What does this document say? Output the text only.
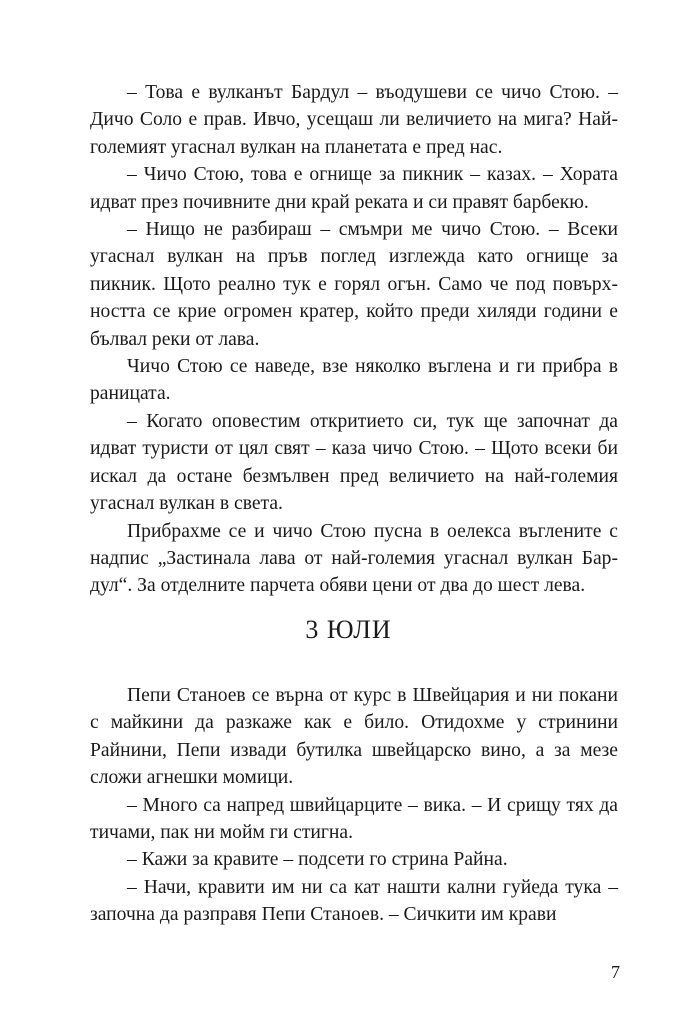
– Това е вулканът Бардул – въодушеви се чичо Стою. – Дичо Соло е прав. Ивчо, усещаш ли величието на мига? Най-големият угаснал вулкан на планетата е пред нас.

– Чичо Стою, това е огнище за пикник – казах. – Хората идват през почивните дни край реката и си правят барбекю.

– Нищо не разбираш – смъмри ме чичо Стою. – Всеки угаснал вулкан на пръв поглед изглежда като огнище за пикник. Щото реално тук е горял огън. Само че под повърхността се крие огромен кратер, който преди хиляди години е бълвал реки от лава.

Чичо Стою се наведе, взе няколко въглена и ги прибра в раницата.

– Когато оповестим откритието си, тук ще започнат да идват туристи от цял свят – каза чичо Стою. – Щото всеки би искал да остане безмълвен пред величието на най-големия угаснал вулкан в света.

Прибрахме се и чичо Стою пусна в оелекса въглените с надпис „Застинала лава от най-големия угаснал вулкан Бардул“. За отделните парчета обяви цени от два до шест лева.

3 ЮЛИ

Пепи Станоев се върна от курс в Швейцария и ни покани с майкини да разкаже как е било. Отидохме у стринини Райнини, Пепи извади бутилка швейцарско вино, а за мезе сложи агнешки момици.

– Много са напред швийцарците – вика. – И срищу тях да тичами, пак ни мойм ги стигна.

– Кажи за кравите – подсети го стрина Райна.

– Начи, кравити им ни са кат нашти кални гуйеда тука – започна да разправя Пепи Станоев. – Сичкити им крави

7
